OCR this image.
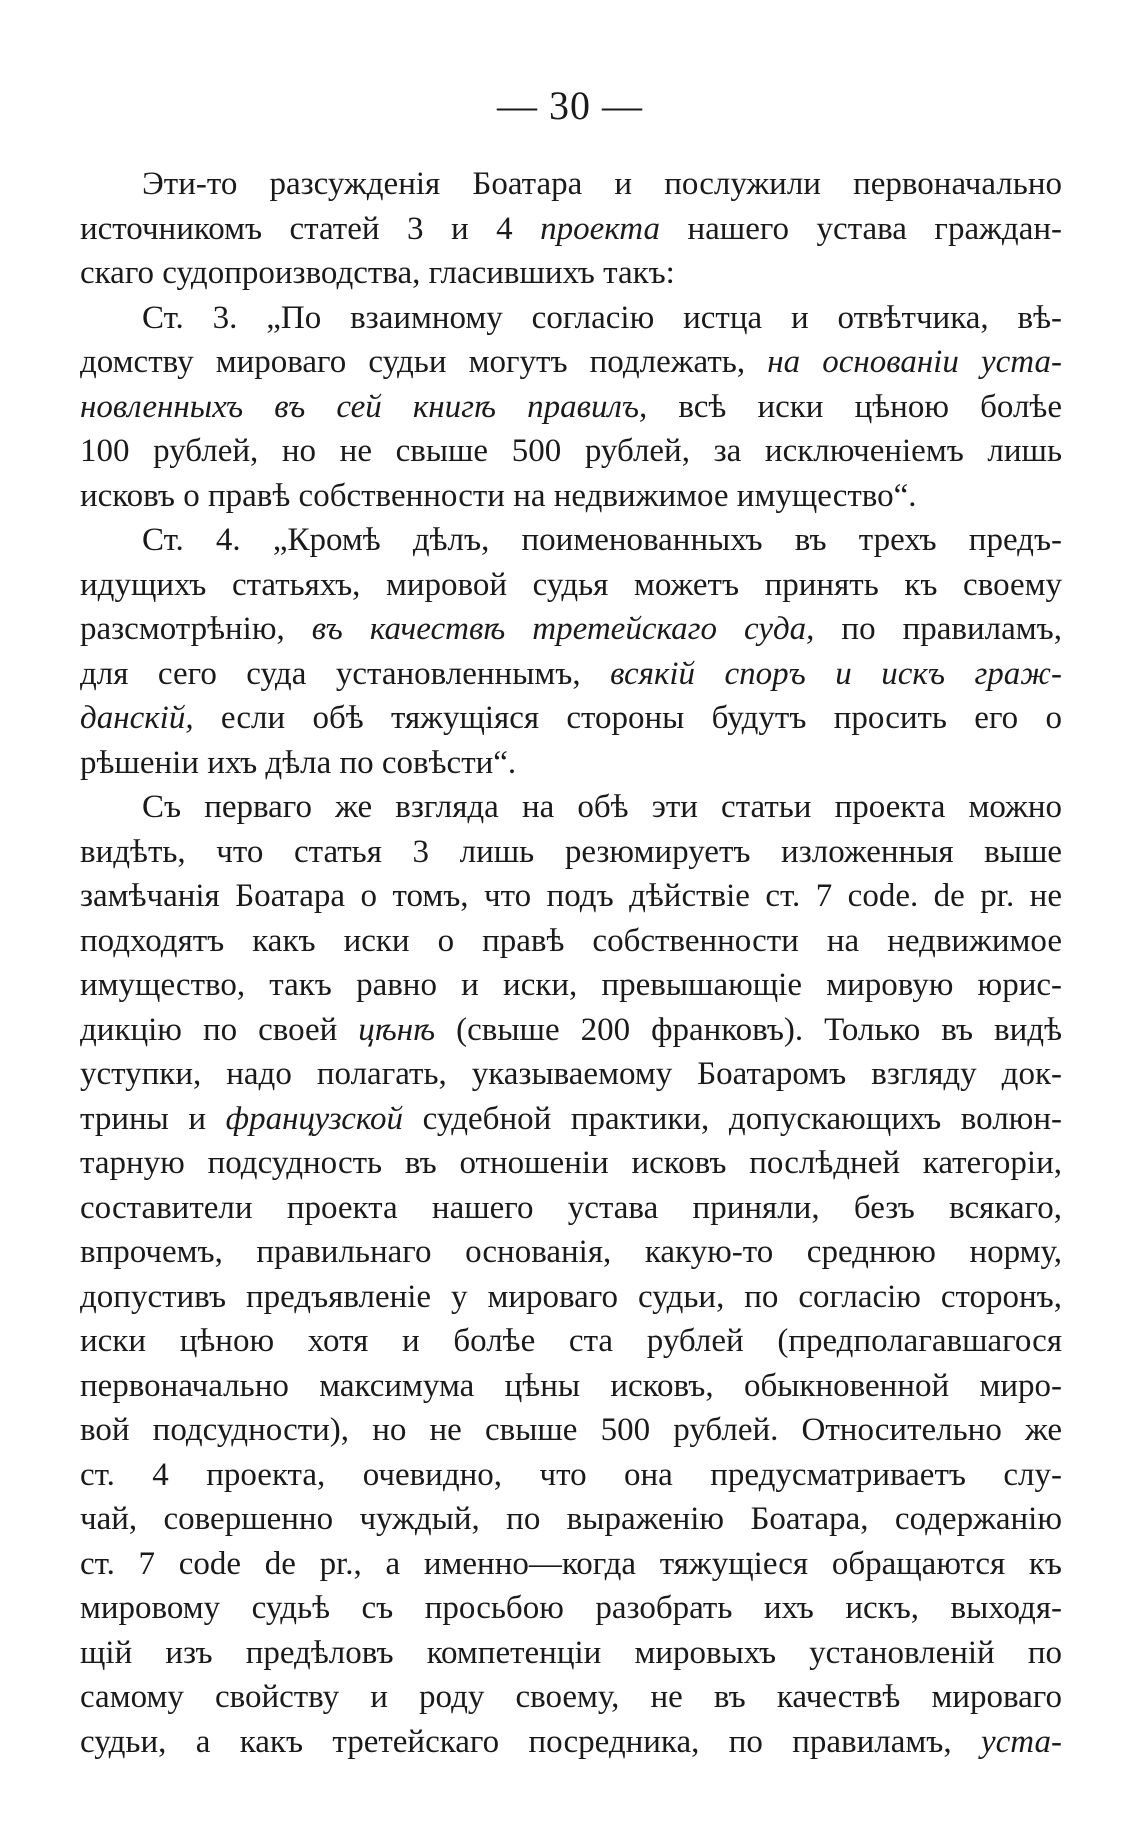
— 30 —
Эти-то разсужденія Боатара и послужили первоначально
источникомъ статей 3 и 4 проекта нашего устава граждан-
скаго судопроизводства, гласившихъ такъ:
Ст. 3. „По взаимному согласію истца и отвѣтчика, вѣ-
домству мироваго судьи могутъ подлежать, на основаніи уста-
новленныхъ въ сей книгѣ правилъ, всѣ иски цѣною болѣе
100 рублей, но не свыше 500 рублей, за исключеніемъ лишь
исковъ о правѣ собственности на недвижимое имущество“.
Ст. 4. „Кромѣ дѣлъ, поименованныхъ въ трехъ предъ-
идущихъ статьяхъ, мировой судья можетъ принять къ своему
разсмотрѣнію, въ качествѣ третейскаго суда, по правиламъ,
для сего суда установленнымъ, всякій споръ и искъ граж-
данскій, если обѣ тяжущіяся стороны будутъ просить его о
рѣшеніи ихъ дѣла по совѣсти“.
Съ перваго же взгляда на обѣ эти статьи проекта можно
видѣть, что статья 3 лишь резюмируетъ изложенныя выше
замѣчанія Боатара о томъ, что подъ дѣйствіе ст. 7 code. de pr. не
подходятъ какъ иски о правѣ собственности на недвижимое
имущество, такъ равно и иски, превышающіе мировую юрис-
дикцію по своей цѣнѣ (свыше 200 франковъ). Только въ видѣ
уступки, надо полагать, указываемому Боатаромъ взгляду док-
трины и французской судебной практики, допускающихъ волюн-
тарную подсудность въ отношеніи исковъ послѣдней категоріи,
составители проекта нашего устава приняли, безъ всякаго,
впрочемъ, правильнаго основанія, какую-то среднюю норму,
допустивъ предъявленіе у мироваго судьи, по согласію сторонъ,
иски цѣною хотя и болѣе ста рублей (предполагавшагося
первоначально максимума цѣны исковъ, обыкновенной миро-
вой подсудности), но не свыше 500 рублей. Относительно же
ст. 4 проекта, очевидно, что она предусматриваетъ слу-
чай, совершенно чуждый, по выраженію Боатара, содержанію
ст. 7 code de pr., а именно—когда тяжущіеся обращаются къ
мировому судьѣ съ просьбою разобрать ихъ искъ, выходя-
щій изъ предѣловъ компетенціи мировыхъ установленій по
самому свойству и роду своему, не въ качествѣ мироваго
судьи, а какъ третейскаго посредника, по правиламъ, уста-
